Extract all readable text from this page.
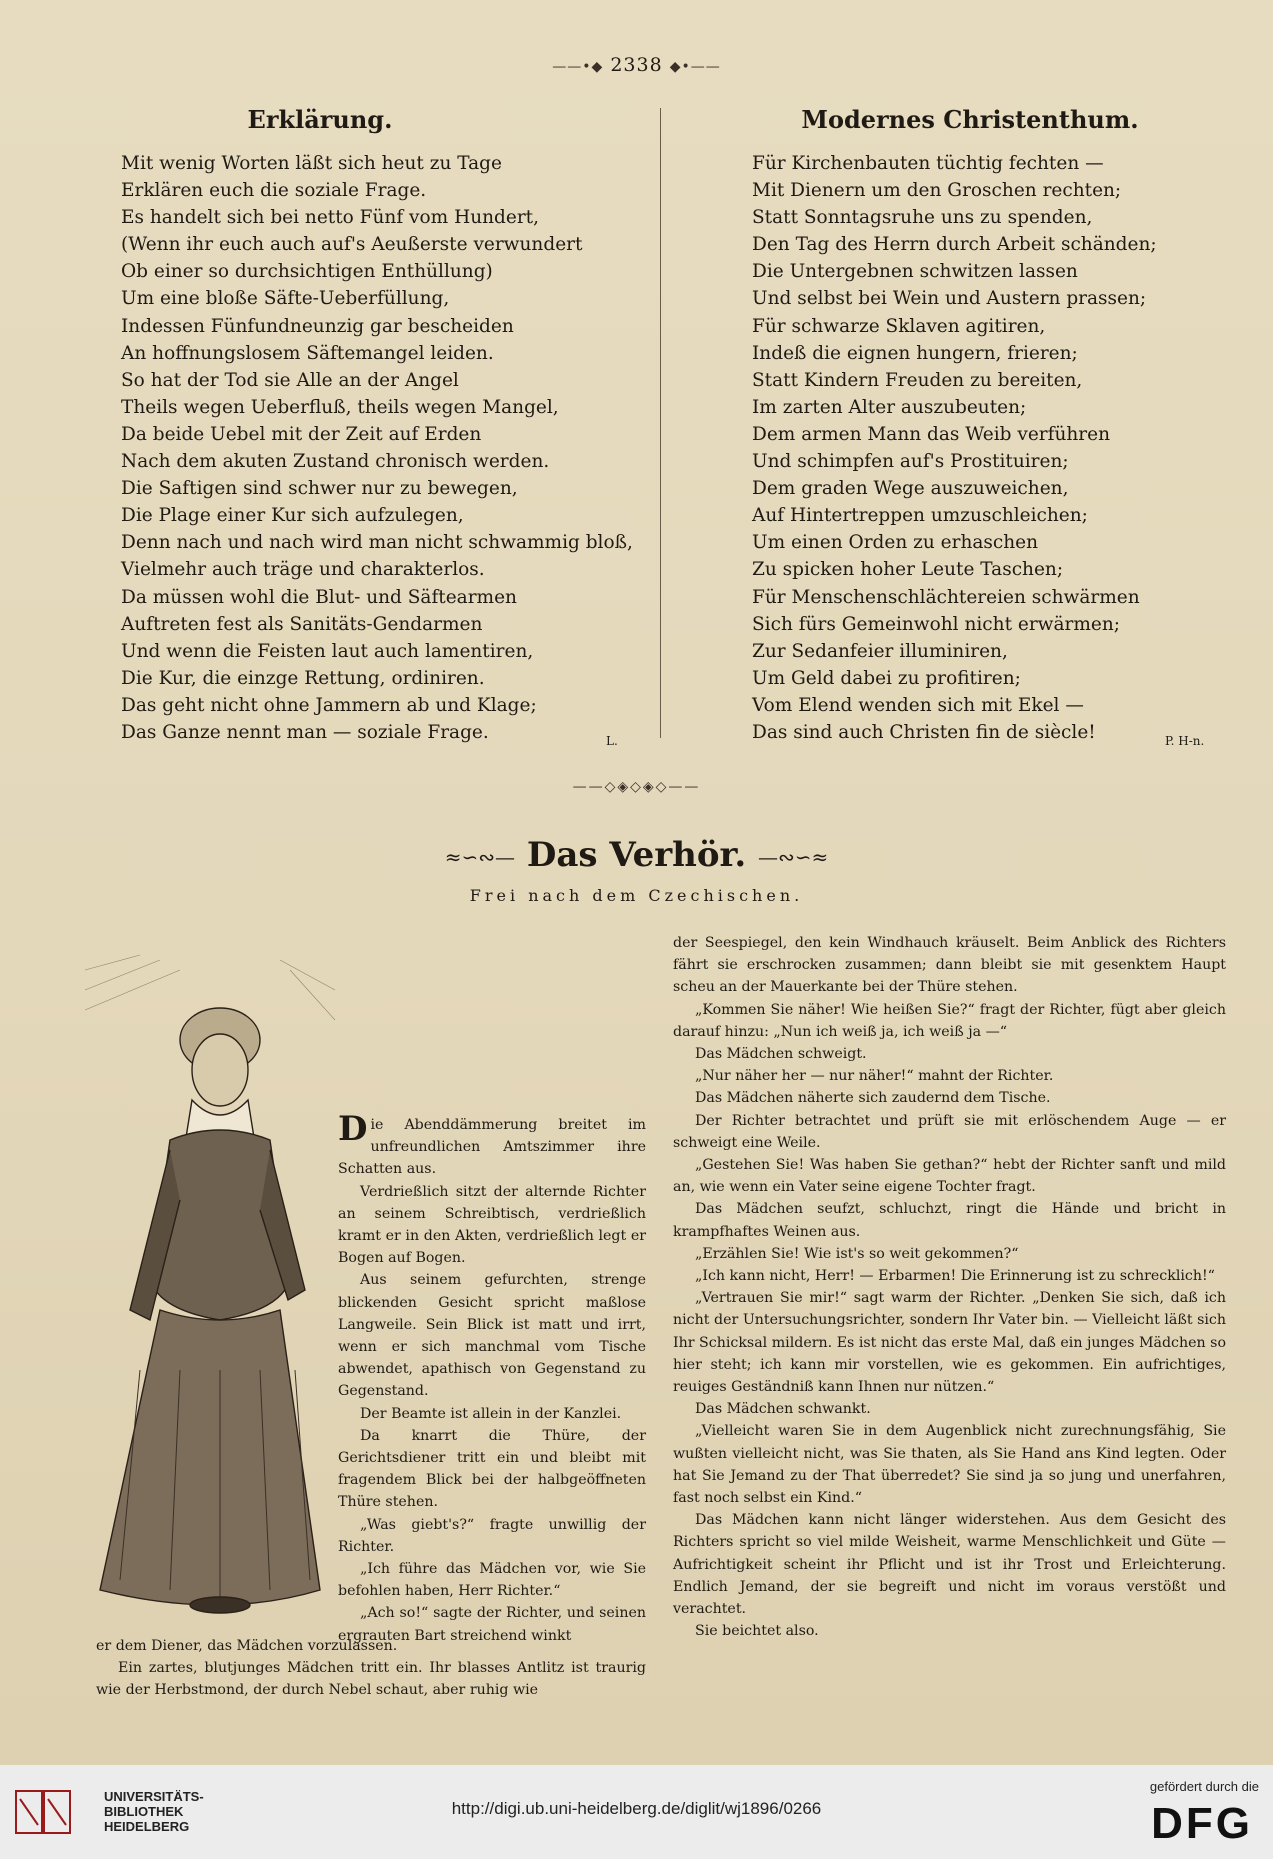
——•◆ 2338 ◆•——
Erklärung.
Mit wenig Worten läßt sich heut zu Tage
Erklären euch die soziale Frage.
Es handelt sich bei netto Fünf vom Hundert,
(Wenn ihr euch auch auf's Aeußerste verwundert
Ob einer so durchsichtigen Enthüllung)
Um eine bloße Säfte-Ueberfüllung,
Indessen Fünfundneunzig gar bescheiden
An hoffnungslosem Säftemangel leiden.
So hat der Tod sie Alle an der Angel
Theils wegen Ueberfluß, theils wegen Mangel,
Da beide Uebel mit der Zeit auf Erden
Nach dem akuten Zustand chronisch werden.
Die Saftigen sind schwer nur zu bewegen,
Die Plage einer Kur sich aufzulegen,
Denn nach und nach wird man nicht schwammig bloß,
Vielmehr auch träge und charakterlos.
Da müssen wohl die Blut- und Säftearmen
Auftreten fest als Sanitäts-Gendarmen
Und wenn die Feisten laut auch lamentiren,
Die Kur, die einzge Rettung, ordiniren.
Das geht nicht ohne Jammern ab und Klage;
Das Ganze nennt man — soziale Frage.	L.
Modernes Christenthum.
Für Kirchenbauten tüchtig fechten —
Mit Dienern um den Groschen rechten;
Statt Sonntagsruhe uns zu spenden,
Den Tag des Herrn durch Arbeit schänden;
Die Untergebnen schwitzen lassen
Und selbst bei Wein und Austern prassen;
Für schwarze Sklaven agitiren,
Indeß die eignen hungern, frieren;
Statt Kindern Freuden zu bereiten,
Im zarten Alter auszubeuten;
Dem armen Mann das Weib verführen
Und schimpfen auf's Prostituiren;
Dem graden Wege auszuweichen,
Auf Hintertreppen umzuschleichen;
Um einen Orden zu erhaschen
Zu spicken hoher Leute Taschen;
Für Menschenschlächtereien schwärmen
Sich fürs Gemeinwohl nicht erwärmen;
Zur Sedanfeier illuminiren,
Um Geld dabei zu profitiren;
Vom Elend wenden sich mit Ekel —
Das sind auch Christen fin de siècle!	P. H-n.
——◇◈◇◈◇——
≈∽∾— Das Verhör. —∾∽≈
Frei nach dem Czechischen.

Die Abenddämmerung breitet im unfreundlichen Amtszimmer ihre Schatten aus.

Verdrießlich sitzt der alternde Richter an seinem Schreibtisch, verdrießlich kramt er in den Akten, verdrießlich legt er Bogen auf Bogen.

Aus seinem gefurchten, strenge blickenden Gesicht spricht maßlose Langweile. Sein Blick ist matt und irrt, wenn er sich manchmal vom Tische abwendet, apathisch von Gegenstand zu Gegenstand.

Der Beamte ist allein in der Kanzlei.

Da knarrt die Thüre, der Gerichtsdiener tritt ein und bleibt mit fragendem Blick bei der halbgeöffneten Thüre stehen.

„Was giebt's?“ fragte unwillig der Richter.

„Ich führe das Mädchen vor, wie Sie befohlen haben, Herr Richter.“

„Ach so!“ sagte der Richter, und seinen ergrauten Bart streichend winkt

er dem Diener, das Mädchen vorzulassen.

Ein zartes, blutjunges Mädchen tritt ein. Ihr blasses Antlitz ist traurig wie der Herbstmond, der durch Nebel schaut, aber ruhig wie

der Seespiegel, den kein Windhauch kräuselt. Beim Anblick des Richters fährt sie erschrocken zusammen; dann bleibt sie mit gesenktem Haupt scheu an der Mauerkante bei der Thüre stehen.

„Kommen Sie näher! Wie heißen Sie?“ fragt der Richter, fügt aber gleich darauf hinzu: „Nun ich weiß ja, ich weiß ja —“

Das Mädchen schweigt.

„Nur näher her — nur näher!“ mahnt der Richter.

Das Mädchen näherte sich zaudernd dem Tische.

Der Richter betrachtet und prüft sie mit erlöschendem Auge — er schweigt eine Weile.

„Gestehen Sie! Was haben Sie gethan?“ hebt der Richter sanft und mild an, wie wenn ein Vater seine eigene Tochter fragt.

Das Mädchen seufzt, schluchzt, ringt die Hände und bricht in krampfhaftes Weinen aus.

„Erzählen Sie! Wie ist's so weit gekommen?“

„Ich kann nicht, Herr! — Erbarmen! Die Erinnerung ist zu schrecklich!“

„Vertrauen Sie mir!“ sagt warm der Richter. „Denken Sie sich, daß ich nicht der Untersuchungsrichter, sondern Ihr Vater bin. — Vielleicht läßt sich Ihr Schicksal mildern. Es ist nicht das erste Mal, daß ein junges Mädchen so hier steht; ich kann mir vorstellen, wie es gekommen. Ein aufrichtiges, reuiges Geständniß kann Ihnen nur nützen.“

Das Mädchen schwankt.

„Vielleicht waren Sie in dem Augenblick nicht zurechnungsfähig, Sie wußten vielleicht nicht, was Sie thaten, als Sie Hand ans Kind legten. Oder hat Sie Jemand zu der That überredet? Sie sind ja so jung und unerfahren, fast noch selbst ein Kind.“

Das Mädchen kann nicht länger widerstehen. Aus dem Gesicht des Richters spricht so viel milde Weisheit, warme Menschlichkeit und Güte — Aufrichtigkeit scheint ihr Pflicht und ist ihr Trost und Erleichterung. Endlich Jemand, der sie begreift und nicht im voraus verstößt und verachtet.

Sie beichtet also.

UNIVERSITÄTS-
BIBLIOTHEK
HEIDELBERG
http://digi.ub.uni-heidelberg.de/diglit/wj1896/0266
gefördert durch die
DFG
